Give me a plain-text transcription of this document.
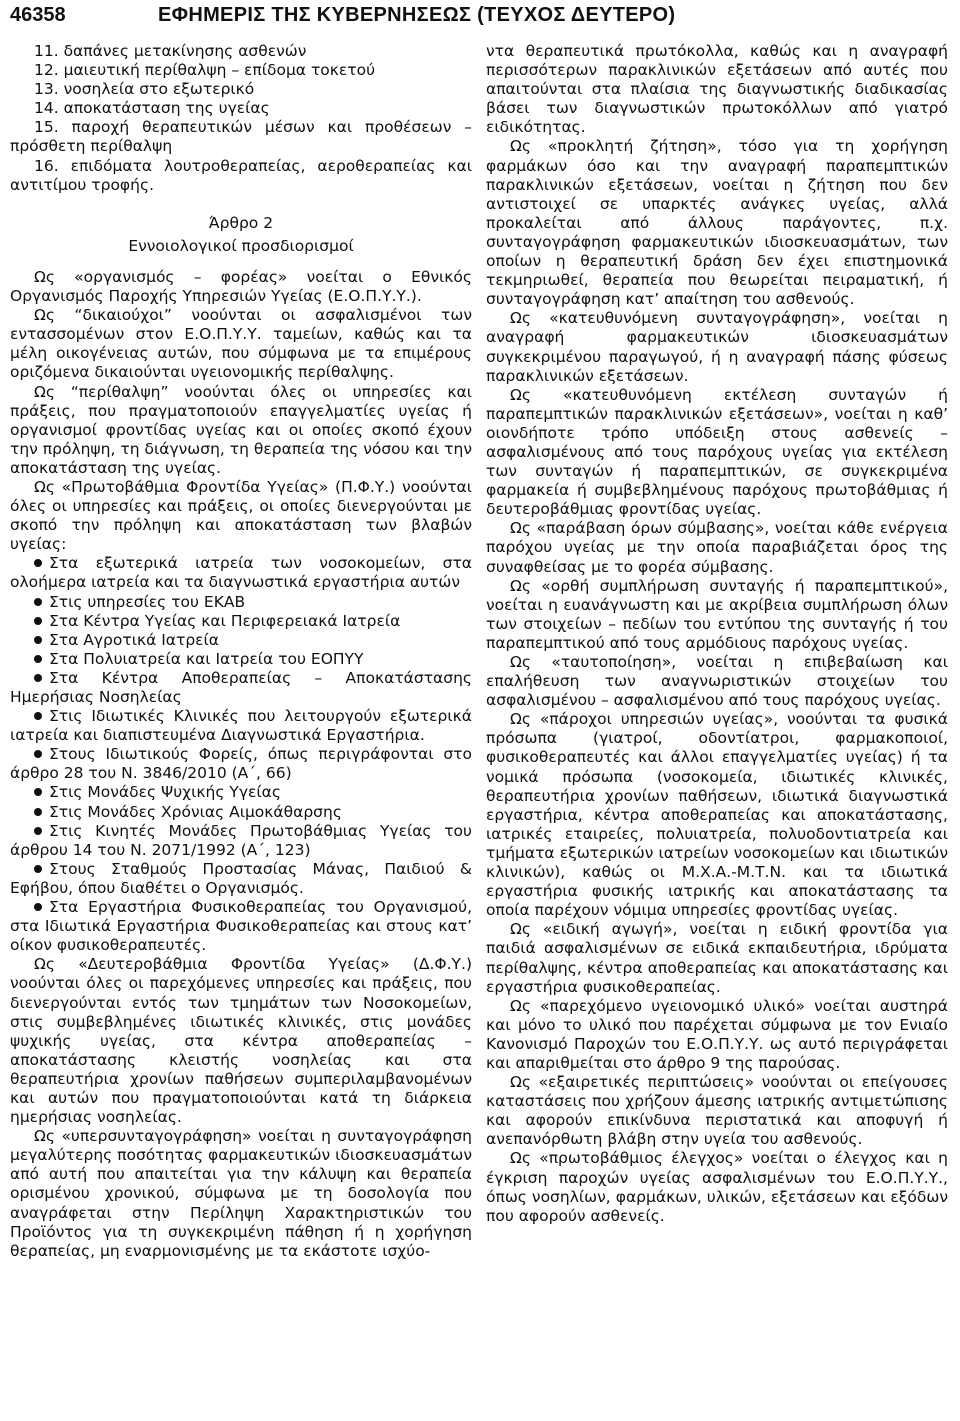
46358	ΕΦΗΜΕΡΙΣ ΤΗΣ ΚΥΒΕΡΝΗΣΕΩΣ (ΤΕΥΧΟΣ ΔΕΥΤΕΡΟ)

11. δαπάνες μετακίνησης ασθενών

12. μαιευτική περίθαλψη – επίδομα τοκετού

13. νοσηλεία στο εξωτερικό

14. αποκατάσταση της υγείας

15. παροχή θεραπευτικών μέσων και προθέσεων – πρόσθετη περίθαλψη

16. επιδόματα λουτροθεραπείας, αεροθεραπείας και αντιτίμου τροφής.

Άρθρο 2

Εννοιολογικοί προσδιορισμοί

Ως «οργανισμός – φορέας» νοείται ο Εθνικός Οργανισμός Παροχής Υπηρεσιών Υγείας (Ε.Ο.Π.Υ.Υ.).

Ως “δικαιούχοι” νοούνται οι ασφαλισμένοι των εντασσομένων στον Ε.Ο.Π.Υ.Υ. ταμείων, καθώς και τα μέλη οικογένειας αυτών, που σύμφωνα με τα επιμέρους οριζόμενα δικαιούνται υγειονομικής περίθαλψης.

Ως “περίθαλψη” νοούνται όλες οι υπηρεσίες και πράξεις, που πραγματοποιούν επαγγελματίες υγείας ή οργανισμοί φροντίδας υγείας και οι οποίες σκοπό έχουν την πρόληψη, τη διάγνωση, τη θεραπεία της νόσου και την αποκατάσταση της υγείας.

Ως «Πρωτοβάθμια Φροντίδα Υγείας» (Π.Φ.Υ.) νοούνται όλες οι υπηρεσίες και πράξεις, οι οποίες διενεργούνται με σκοπό την πρόληψη και αποκατάσταση των βλαβών υγείας:

Στα εξωτερικά ιατρεία των νοσοκομείων, στα ολοήμερα ιατρεία και τα διαγνωστικά εργαστήρια αυτών

Στις υπηρεσίες του ΕΚΑΒ

Στα Κέντρα Υγείας και Περιφερειακά Ιατρεία

Στα Αγροτικά Ιατρεία

Στα Πολυιατρεία και Ιατρεία του ΕΟΠΥΥ

Στα Κέντρα Αποθεραπείας – Αποκατάστασης Ημερήσιας Νοσηλείας

Στις Ιδιωτικές Κλινικές που λειτουργούν εξωτερικά ιατρεία και διαπιστευμένα Διαγνωστικά Εργαστήρια.

Στους Ιδιωτικούς Φορείς, όπως περιγράφονται στο άρθρο 28 του Ν. 3846/2010 (Α΄, 66)

Στις Μονάδες Ψυχικής Υγείας

Στις Μονάδες Χρόνιας Αιμοκάθαρσης

Στις Κινητές Μονάδες Πρωτοβάθμιας Υγείας του άρθρου 14 του Ν. 2071/1992 (Α΄, 123)

Στους Σταθμούς Προστασίας Μάνας, Παιδιού & Εφήβου, όπου διαθέτει ο Οργανισμός.

Στα Εργαστήρια Φυσικοθεραπείας του Οργανισμού, στα Ιδιωτικά Εργαστήρια Φυσικοθεραπείας και στους κατ’ οίκον φυσικοθεραπευτές.

Ως «Δευτεροβάθμια Φροντίδα Υγείας» (Δ.Φ.Υ.) νοούνται όλες οι παρεχόμενες υπηρεσίες και πράξεις, που διενεργούνται εντός των τμημάτων των Νοσοκομείων, στις συμβεβλημένες ιδιωτικές κλινικές, στις μονάδες ψυχικής υγείας, στα κέντρα αποθεραπείας – αποκατάστασης κλειστής νοσηλείας και στα θεραπευτήρια χρονίων παθήσεων συμπεριλαμβανομένων και αυτών που πραγματοποιούνται κατά τη διάρκεια ημερήσιας νοσηλείας.

Ως «υπερσυνταγογράφηση» νοείται η συνταγογράφηση μεγαλύτερης ποσότητας φαρμακευτικών ιδιοσκευασμάτων από αυτή που απαιτείται για την κάλυψη και θεραπεία ορισμένου χρονικού, σύμφωνα με τη δοσολογία που αναγράφεται στην Περίληψη Χαρακτηριστικών του Προϊόντος για τη συγκεκριμένη πάθηση ή η χορήγηση θεραπείας, μη εναρμονισμένης με τα εκάστοτε ισχύο-

ντα θεραπευτικά πρωτόκολλα, καθώς και η αναγραφή περισσότερων παρακλινικών εξετάσεων από αυτές που απαιτούνται στα πλαίσια της διαγνωστικής διαδικασίας βάσει των διαγνωστικών πρωτοκόλλων από γιατρό ειδικότητας.

Ως «προκλητή ζήτηση», τόσο για τη χορήγηση φαρμάκων όσο και την αναγραφή παραπεμπτικών παρακλινικών εξετάσεων, νοείται η ζήτηση που δεν αντιστοιχεί σε υπαρκτές ανάγκες υγείας, αλλά προκαλείται από άλλους παράγοντες, π.χ. συνταγογράφηση φαρμακευτικών ιδιοσκευασμάτων, των οποίων η θεραπευτική δράση δεν έχει επιστημονικά τεκμηριωθεί, θεραπεία που θεωρείται πειραματική, ή συνταγογράφηση κατ’ απαίτηση του ασθενούς.

Ως «κατευθυνόμενη συνταγογράφηση», νοείται η αναγραφή φαρμακευτικών ιδιοσκευασμάτων συγκεκριμένου παραγωγού, ή η αναγραφή πάσης φύσεως παρακλινικών εξετάσεων.

Ως «κατευθυνόμενη εκτέλεση συνταγών ή παραπεμπτικών παρακλινικών εξετάσεων», νοείται η καθ’ οιονδήποτε τρόπο υπόδειξη στους ασθενείς – ασφαλισμένους από τους παρόχους υγείας για εκτέλεση των συνταγών ή παραπεμπτικών, σε συγκεκριμένα φαρμακεία ή συμβεβλημένους παρόχους πρωτοβάθμιας ή δευτεροβάθμιας φροντίδας υγείας.

Ως «παράβαση όρων σύμβασης», νοείται κάθε ενέργεια παρόχου υγείας με την οποία παραβιάζεται όρος της συναφθείσας με το φορέα σύμβασης.

Ως «ορθή συμπλήρωση συνταγής ή παραπεμπτικού», νοείται η ευανάγνωστη και με ακρίβεια συμπλήρωση όλων των στοιχείων – πεδίων του εντύπου της συνταγής ή του παραπεμπτικού από τους αρμόδιους παρόχους υγείας.

Ως «ταυτοποίηση», νοείται η επιβεβαίωση και επαλήθευση των αναγνωριστικών στοιχείων του ασφαλισμένου – ασφαλισμένου από τους παρόχους υγείας.

Ως «πάροχοι υπηρεσιών υγείας», νοούνται τα φυσικά πρόσωπα (γιατροί, οδοντίατροι, φαρμακοποιοί, φυσικοθεραπευτές και άλλοι επαγγελματίες υγείας) ή τα νομικά πρόσωπα (νοσοκομεία, ιδιωτικές κλινικές, θεραπευτήρια χρονίων παθήσεων, ιδιωτικά διαγνωστικά εργαστήρια, κέντρα αποθεραπείας και αποκατάστασης, ιατρικές εταιρείες, πολυιατρεία, πολυοδοντιατρεία και τμήματα εξωτερικών ιατρείων νοσοκομείων και ιδιωτικών κλινικών), καθώς οι Μ.Χ.Α.-Μ.Τ.Ν. και τα ιδιωτικά εργαστήρια φυσικής ιατρικής και αποκατάστασης τα οποία παρέχουν νόμιμα υπηρεσίες φροντίδας υγείας.

Ως «ειδική αγωγή», νοείται η ειδική φροντίδα για παιδιά ασφαλισμένων σε ειδικά εκπαιδευτήρια, ιδρύματα περίθαλψης, κέντρα αποθεραπείας και αποκατάστασης και εργαστήρια φυσικοθεραπείας.

Ως «παρεχόμενο υγειονομικό υλικό» νοείται αυστηρά και μόνο το υλικό που παρέχεται σύμφωνα με τον Ενιαίο Κανονισμό Παροχών του Ε.Ο.Π.Υ.Υ. ως αυτό περιγράφεται και απαριθμείται στο άρθρο 9 της παρούσας.

Ως «εξαιρετικές περιπτώσεις» νοούνται οι επείγουσες καταστάσεις που χρήζουν άμεσης ιατρικής αντιμετώπισης και αφορούν επικίνδυνα περιστατικά και αποφυγή ή ανεπανόρθωτη βλάβη στην υγεία του ασθενούς.

Ως «πρωτοβάθμιος έλεγχος» νοείται ο έλεγχος και η έγκριση παροχών υγείας ασφαλισμένων του Ε.Ο.Π.Υ.Υ., όπως νοσηλίων, φαρμάκων, υλικών, εξετάσεων και εξόδων που αφορούν ασθενείς.
